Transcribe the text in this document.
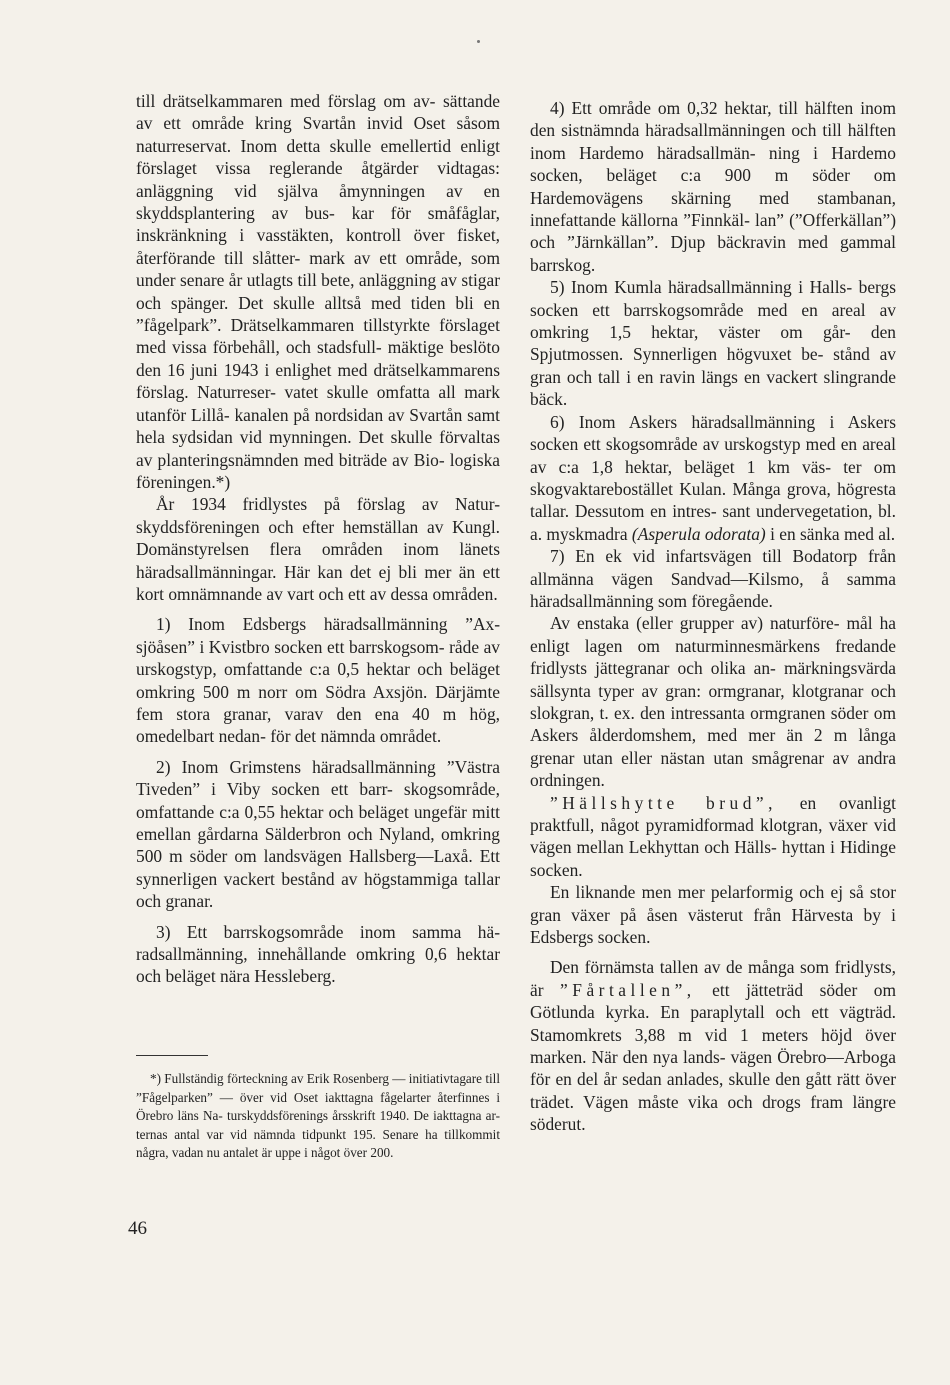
till drätselkammaren med förslag om av- sättande av ett område kring Svartån invid Oset såsom naturreservat. Inom detta skulle emellertid enligt förslaget vissa reglerande åtgärder vidtagas: anläggning vid själva åmynningen av en skyddsplantering av bus- kar för småfåglar, inskränkning i vasstäkten, kontroll över fisket, återförande till slåtter- mark av ett område, som under senare år utlagts till bete, anläggning av stigar och spänger. Det skulle alltså med tiden bli en ”fågelpark”. Drätselkammaren tillstyrkte förslaget med vissa förbehåll, och stadsfull- mäktige beslöto den 16 juni 1943 i enlighet med drätselkammarens förslag. Naturreser- vatet skulle omfatta all mark utanför Lillå- kanalen på nordsidan av Svartån samt hela sydsidan vid mynningen. Det skulle förvaltas av planteringsnämnden med biträde av Bio- logiska föreningen.*)

År 1934 fridlystes på förslag av Natur- skyddsföreningen och efter hemställan av Kungl. Domänstyrelsen flera områden inom länets häradsallmänningar. Här kan det ej bli mer än ett kort omnämnande av vart och ett av dessa områden.

1) Inom Edsbergs häradsallmänning ”Ax- sjöåsen” i Kvistbro socken ett barrskogsom- råde av urskogstyp, omfattande c:a 0,5 hektar och beläget omkring 500 m norr om Södra Axsjön. Därjämte fem stora granar, varav den ena 40 m hög, omedelbart nedan- för det nämnda området.

2) Inom Grimstens häradsallmänning ”Västra Tiveden” i Viby socken ett barr- skogsområde, omfattande c:a 0,55 hektar och beläget ungefär mitt emellan gårdarna Sälderbron och Nyland, omkring 500 m söder om landsvägen Hallsberg—Laxå. Ett synnerligen vackert bestånd av högstammiga tallar och granar.

3) Ett barrskogsområde inom samma hä- radsallmänning, innehållande omkring 0,6 hektar och beläget nära Hessleberg.

*) Fullständig förteckning av Erik Rosenberg — initiativtagare till ”Fågelparken” — över vid Oset iakttagna fågelarter återfinnes i Örebro läns Na- turskyddsförenings årsskrift 1940. De iakttagna ar- ternas antal var vid nämnda tidpunkt 195. Senare ha tillkommit några, vadan nu antalet är uppe i något över 200.

46

4) Ett område om 0,32 hektar, till hälften inom den sistnämnda häradsallmänningen och till hälften inom Hardemo häradsallmän- ning i Hardemo socken, beläget c:a 900 m söder om Hardemovägens skärning med stambanan, innefattande källorna ”Finnkäl- lan” (”Offerkällan”) och ”Järnkällan”. Djup bäckravin med gammal barrskog.

5) Inom Kumla häradsallmänning i Halls- bergs socken ett barrskogsområde med en areal av omkring 1,5 hektar, väster om går- den Spjutmossen. Synnerligen högvuxet be- stånd av gran och tall i en ravin längs en vackert slingrande bäck.

6) Inom Askers häradsallmänning i Askers socken ett skogsområde av urskogstyp med en areal av c:a 1,8 hektar, beläget 1 km väs- ter om skogvaktarebostället Kulan. Många grova, högresta tallar. Dessutom en intres- sant undervegetation, bl. a. myskmadra (Asperula odorata) i en sänka med al.

7) En ek vid infartsvägen till Bodatorp från allmänna vägen Sandvad—Kilsmo, å samma häradsallmänning som föregående.

Av enstaka (eller grupper av) naturföre- mål ha enligt lagen om naturminnesmärkens fredande fridlysts jättegranar och olika an- märkningsvärda sällsynta typer av gran: ormgranar, klotgranar och slokgran, t. ex. den intressanta ormgranen söder om Askers ålderdomshem, med mer än 2 m långa grenar utan eller nästan utan smågrenar av andra ordningen.

”Hällshytte brud”, en ovanligt praktfull, något pyramidformad klotgran, växer vid vägen mellan Lekhyttan och Hälls- hyttan i Hidinge socken.

En liknande men mer pelarformig och ej så stor gran växer på åsen västerut från Härvesta by i Edsbergs socken.

Den förnämsta tallen av de många som fridlysts, är ”Fårtallen”, ett jätteträd söder om Götlunda kyrka. En paraplytall och ett vägträd. Stamomkrets 3,88 m vid 1 meters höjd över marken. När den nya lands- vägen Örebro—Arboga för en del år sedan anlades, skulle den gått rätt över trädet. Vägen måste vika och drogs fram längre söderut.
